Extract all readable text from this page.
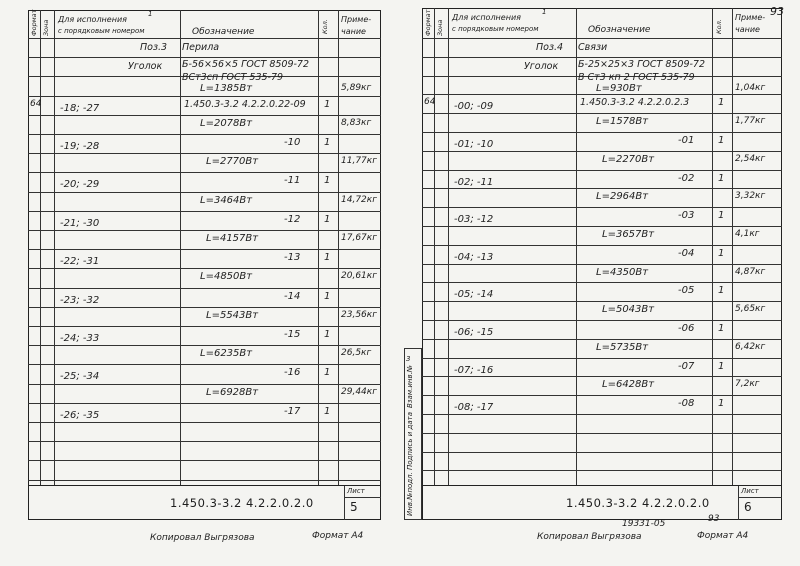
Формат Зона
Для исполнения
1
с порядковым номером	Обозначение	Кол. Приме-
чание
Поз.3 Перила
Уголок Б-56×56×5 ГОСТ 8509-72
ВСт3сп ГОСТ 535-79
L=1385Вт	5,89кг
64 -18; -27	1.450.3-3.2 4.2.2.0.22-09 1
L=2078Вт	8,83кг
-19; -28	-10 1
L=2770Вт	11,77кг
-20; -29	-11 1
L=3464Вт	14,72кг
-21; -30	-12 1
L=4157Вт	17,67кг
-22; -31	-13 1
L=4850Вт	20,61кг
-23; -32	-14 1
L=5543Вт	23,56кг
-24; -33	-15 1
L=6235Вт	26,5кг
-25; -34	-16 1
L=6928Вт	29,44кг
-26; -35	-17 1
1.450.3-3.2 4.2.2.0.2.0
Лист
5
Формат Зона
Для исполнения
1
с порядковым номером	Обозначение	Кол.
Приме-
чание
Поз.4 Связи
Уголок Б-25×25×3 ГОСТ 8509-72
В Ст3 кп 2 ГОСТ 535-79
L=930Вт	1,04кг
64 -00; -09	1.450.3-3.2 4.2.2.0.2.3	1
L=1578Вт	1,77кг
-01; -10	-01 1
L=2270Вт	2,54кг
-02; -11	-02 1
L=2964Вт	3,32кг
-03; -12	-03 1
L=3657Вт	4,1кг
-04; -13	-04 1
L=4350Вт	4,87кг
-05; -14	-05 1
L=5043Вт	5,65кг
-06; -15	-06 1
L=5735Вт	6,42кг
-07; -16	-07 1
L=6428Вт	7,2кг
-08; -17	-08 1
1.450.3-3.2 4.2.2.0.2.0
Лист
6
Инв.№подл.
Подпись и дата
Взам.инв.№
3
19331-05	93
93
Копировал Выгрязова	Формат А4	Копировал Выгрязова	Формат А4
